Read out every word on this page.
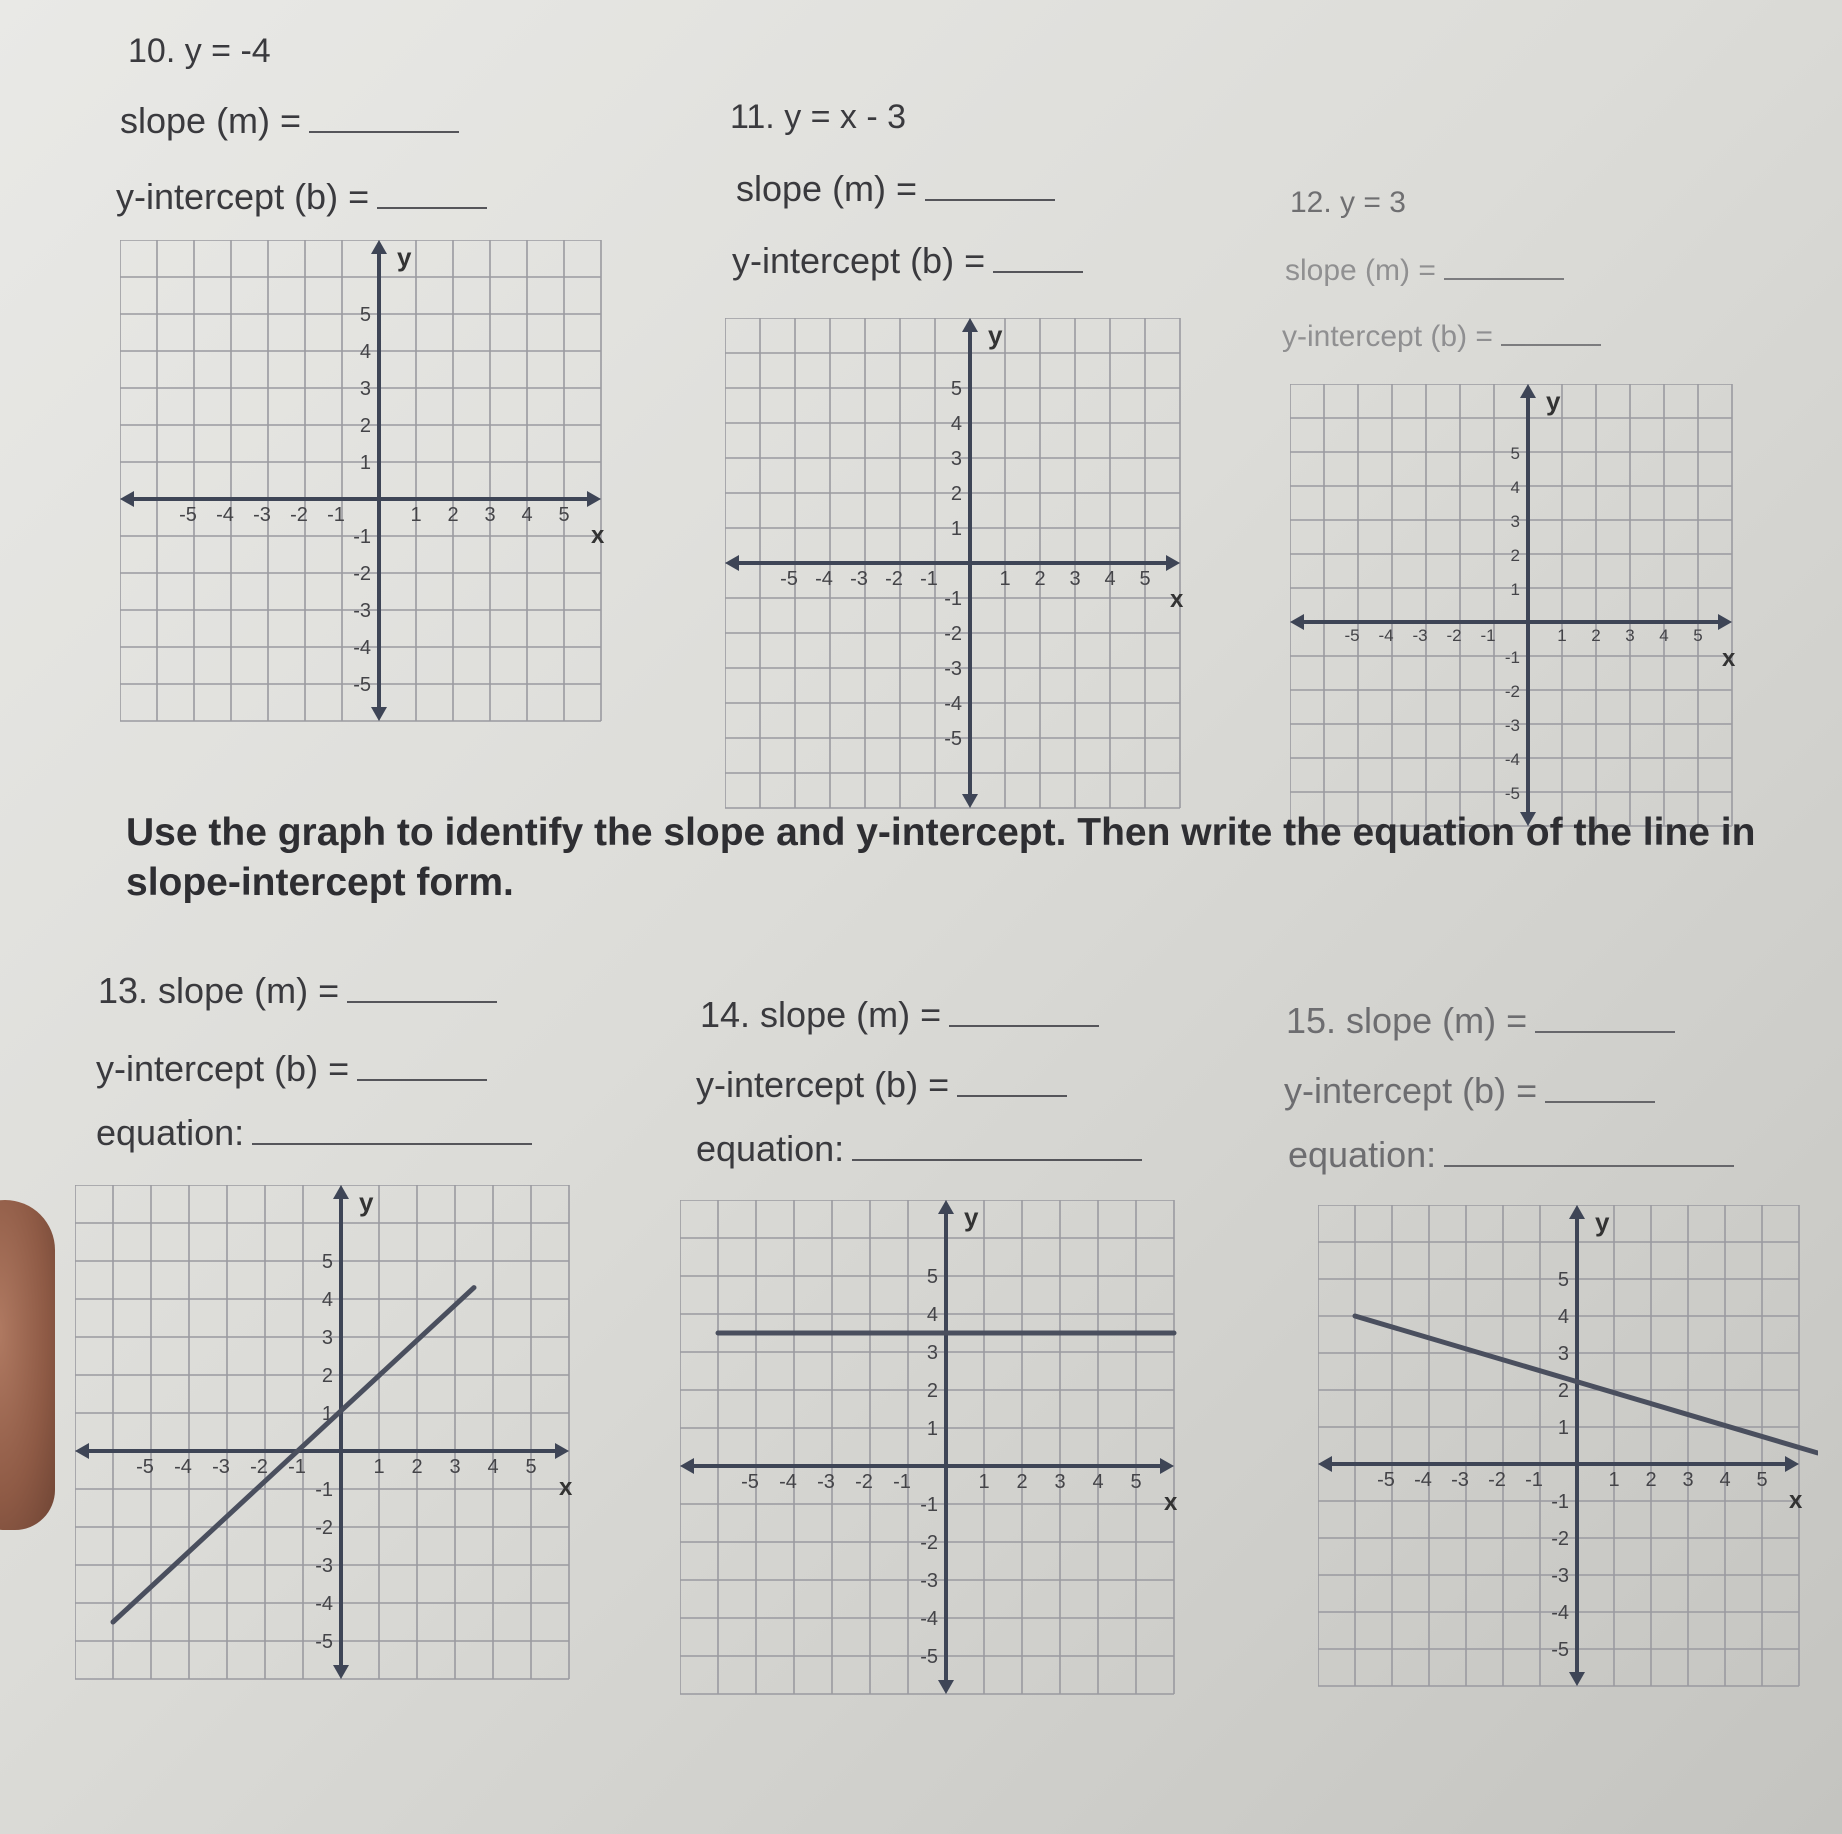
10. y = -4
slope (m) =
y-intercept (b) =
11. y = x - 3
slope (m) =
y-intercept (b) =
12. y = 3
slope (m) =
y-intercept (b) =
-5 -4 -3 -2 -1	1 2 3 4 5
5
4
3
2
1
-1
-2
-3
-4
-5
x
y
-5 -4 -3 -2 -1	1 2 3 4 5
5
4
3
2
1
-1
-2
-3
-4
-5
x
y
-5 -4 -3 -2 -1	1 2 3 4 5
5
4
3
2
1
-1
-2
-3
-4
-5
x
y
Use the graph to identify the slope and y-intercept. Then write the equation of the line in
slope-intercept form.
13. slope (m) =
y-intercept (b) =
equation:
14. slope (m) =
y-intercept (b) =
equation:
15. slope (m) =
y-intercept (b) =
equation:
-5 -4 -3 -2 -1	1 2 3 4 5
5
4
3
2
1
-1
-2
-3
-4
-5
x
y
-5 -4 -3 -2 -1	1 2 3 4 5
5
4
3
2
1
-1
-2
-3
-4
-5
x
y
-5 -4 -3 -2 -1	1 2 3 4 5
5
4
3
2
1
-1
-2
-3
-4
-5
x
y
